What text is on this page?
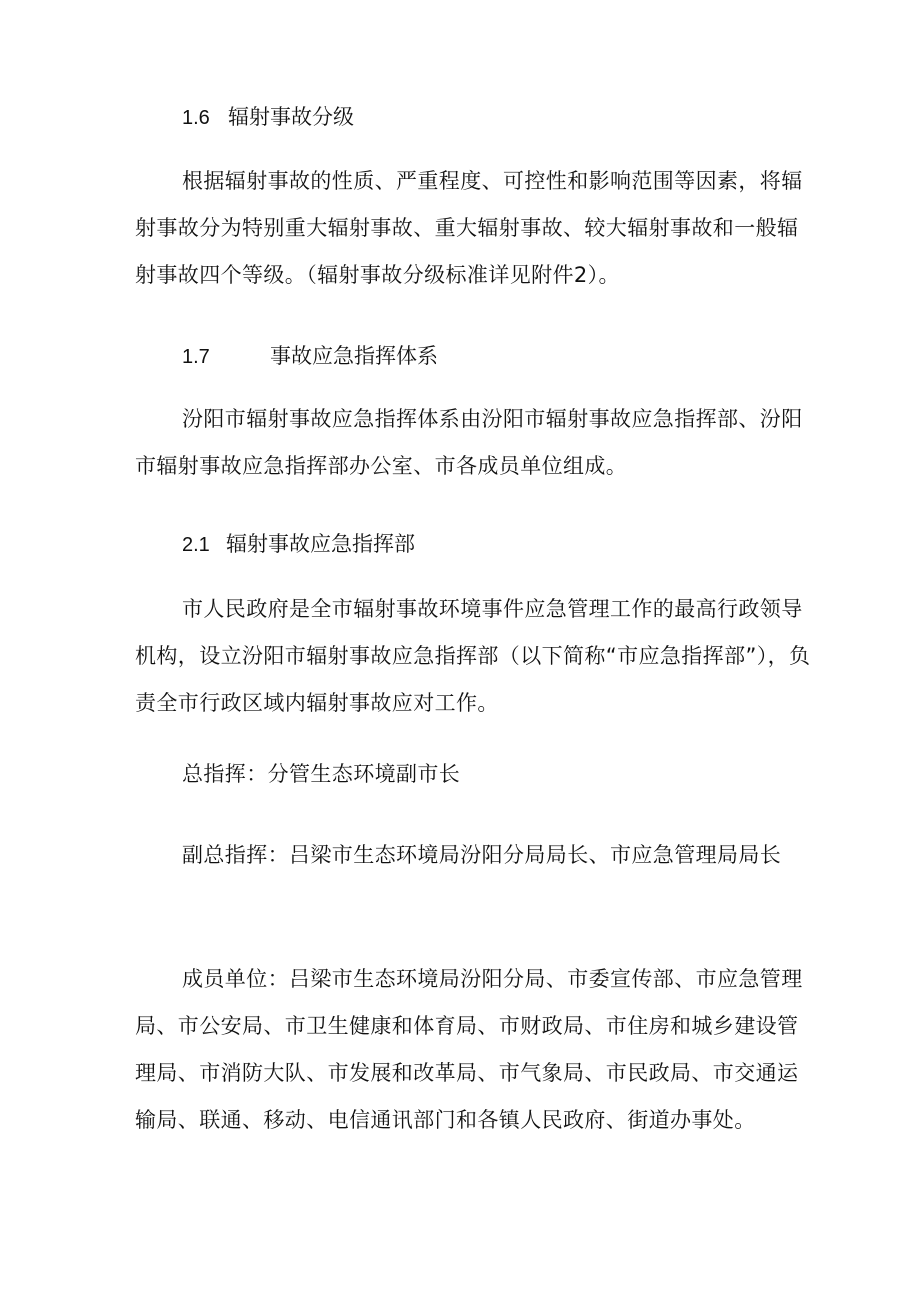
1.6 辐射事故分级

根据辐射事故的性质、严重程度、可控性和影响范围等因素，将辐射事故分为特别重大辐射事故、重大辐射事故、较大辐射事故和一般辐射事故四个等级。（辐射事故分级标准详见附件2）。

1.7	事故应急指挥体系

汾阳市辐射事故应急指挥体系由汾阳市辐射事故应急指挥部、汾阳市辐射事故应急指挥部办公室、市各成员单位组成。

2.1 辐射事故应急指挥部

市人民政府是全市辐射事故环境事件应急管理工作的最高行政领导机构，设立汾阳市辐射事故应急指挥部（以下简称“市应急指挥部”），负责全市行政区域内辐射事故应对工作。

总指挥：分管生态环境副市长

副总指挥：吕梁市生态环境局汾阳分局局长、市应急管理局局长

成员单位：吕梁市生态环境局汾阳分局、市委宣传部、市应急管理局、市公安局、市卫生健康和体育局、市财政局、市住房和城乡建设管理局、市消防大队、市发展和改革局、市气象局、市民政局、市交通运输局、联通、移动、电信通讯部门和各镇人民政府、街道办事处。
